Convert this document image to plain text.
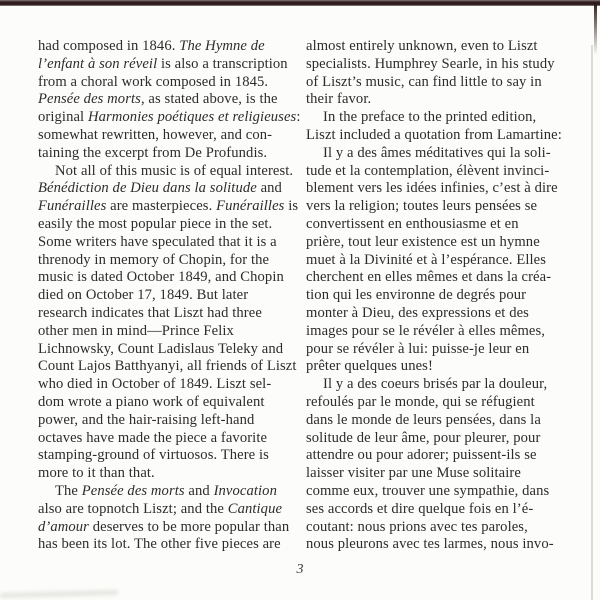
had composed in 1846. The Hymne de
l’enfant à son réveil is also a transcription
from a choral work composed in 1845.
Pensée des morts, as stated above, is the
original Harmonies poétiques et religieuses:
somewhat rewritten, however, and con-
taining the excerpt from De Profundis.
Not all of this music is of equal interest.
Bénédiction de Dieu dans la solitude and
Funérailles are masterpieces. Funérailles is
easily the most popular piece in the set.
Some writers have speculated that it is a
threnody in memory of Chopin, for the
music is dated October 1849, and Chopin
died on October 17, 1849. But later
research indicates that Liszt had three
other men in mind—Prince Felix
Lichnowsky, Count Ladislaus Teleky and
Count Lajos Batthyanyi, all friends of Liszt
who died in October of 1849. Liszt sel-
dom wrote a piano work of equivalent
power, and the hair-raising left-hand
octaves have made the piece a favorite
stamping-ground of virtuosos. There is
more to it than that.
The Pensée des morts and Invocation
also are topnotch Liszt; and the Cantique
d’amour deserves to be more popular than
has been its lot. The other five pieces are
almost entirely unknown, even to Liszt
specialists. Humphrey Searle, in his study
of Liszt’s music, can find little to say in
their favor.
In the preface to the printed edition,
Liszt included a quotation from Lamartine:
Il y a des âmes méditatives qui la soli-
tude et la contemplation, élèvent invinci-
blement vers les idées infinies, c’est à dire
vers la religion; toutes leurs pensées se
convertissent en enthousiasme et en
prière, tout leur existence est un hymne
muet à la Divinité et à l’espérance. Elles
cherchent en elles mêmes et dans la créa-
tion qui les environne de degrés pour
monter à Dieu, des expressions et des
images pour se le révéler à elles mêmes,
pour se révéler à lui: puisse-je leur en
prêter quelques unes!
Il y a des coeurs brisés par la douleur,
refoulés par le monde, qui se réfugient
dans le monde de leurs pensées, dans la
solitude de leur âme, pour pleurer, pour
attendre ou pour adorer; puissent-ils se
laisser visiter par une Muse solitaire
comme eux, trouver une sympathie, dans
ses accords et dire quelque fois en l’é-
coutant: nous prions avec tes paroles,
nous pleurons avec tes larmes, nous invo-
3
